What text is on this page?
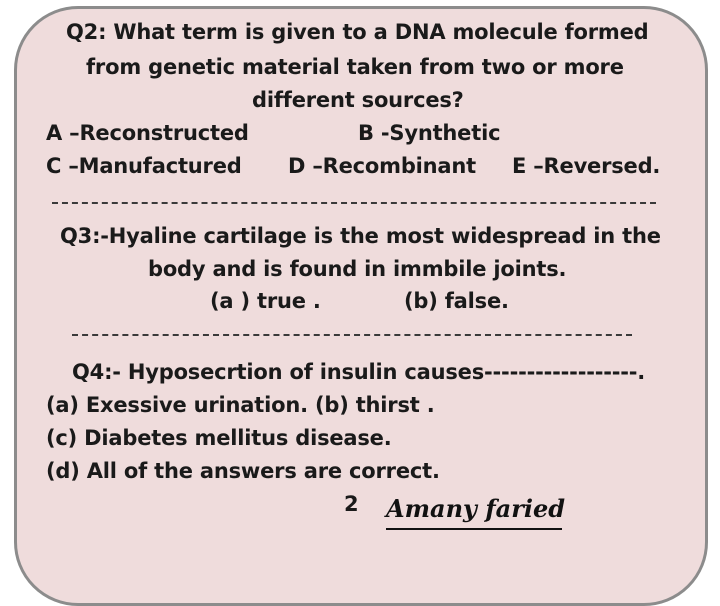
Q2: What term is given to a DNA molecule formed
from genetic material taken from two or more
different sources?
A –Reconstructed	B -Synthetic
C –Manufactured D –Recombinant E –Reversed.
Q3:-Hyaline cartilage is the most widespread in the
body and is found in immbile joints.
(a ) true .	(b) false.
Q4:- Hyposecrtion of insulin causes------------------.
(a) Exessive urination. (b) thirst .
(c) Diabetes mellitus disease.
(d) All of the answers are correct.
2 Amany faried
